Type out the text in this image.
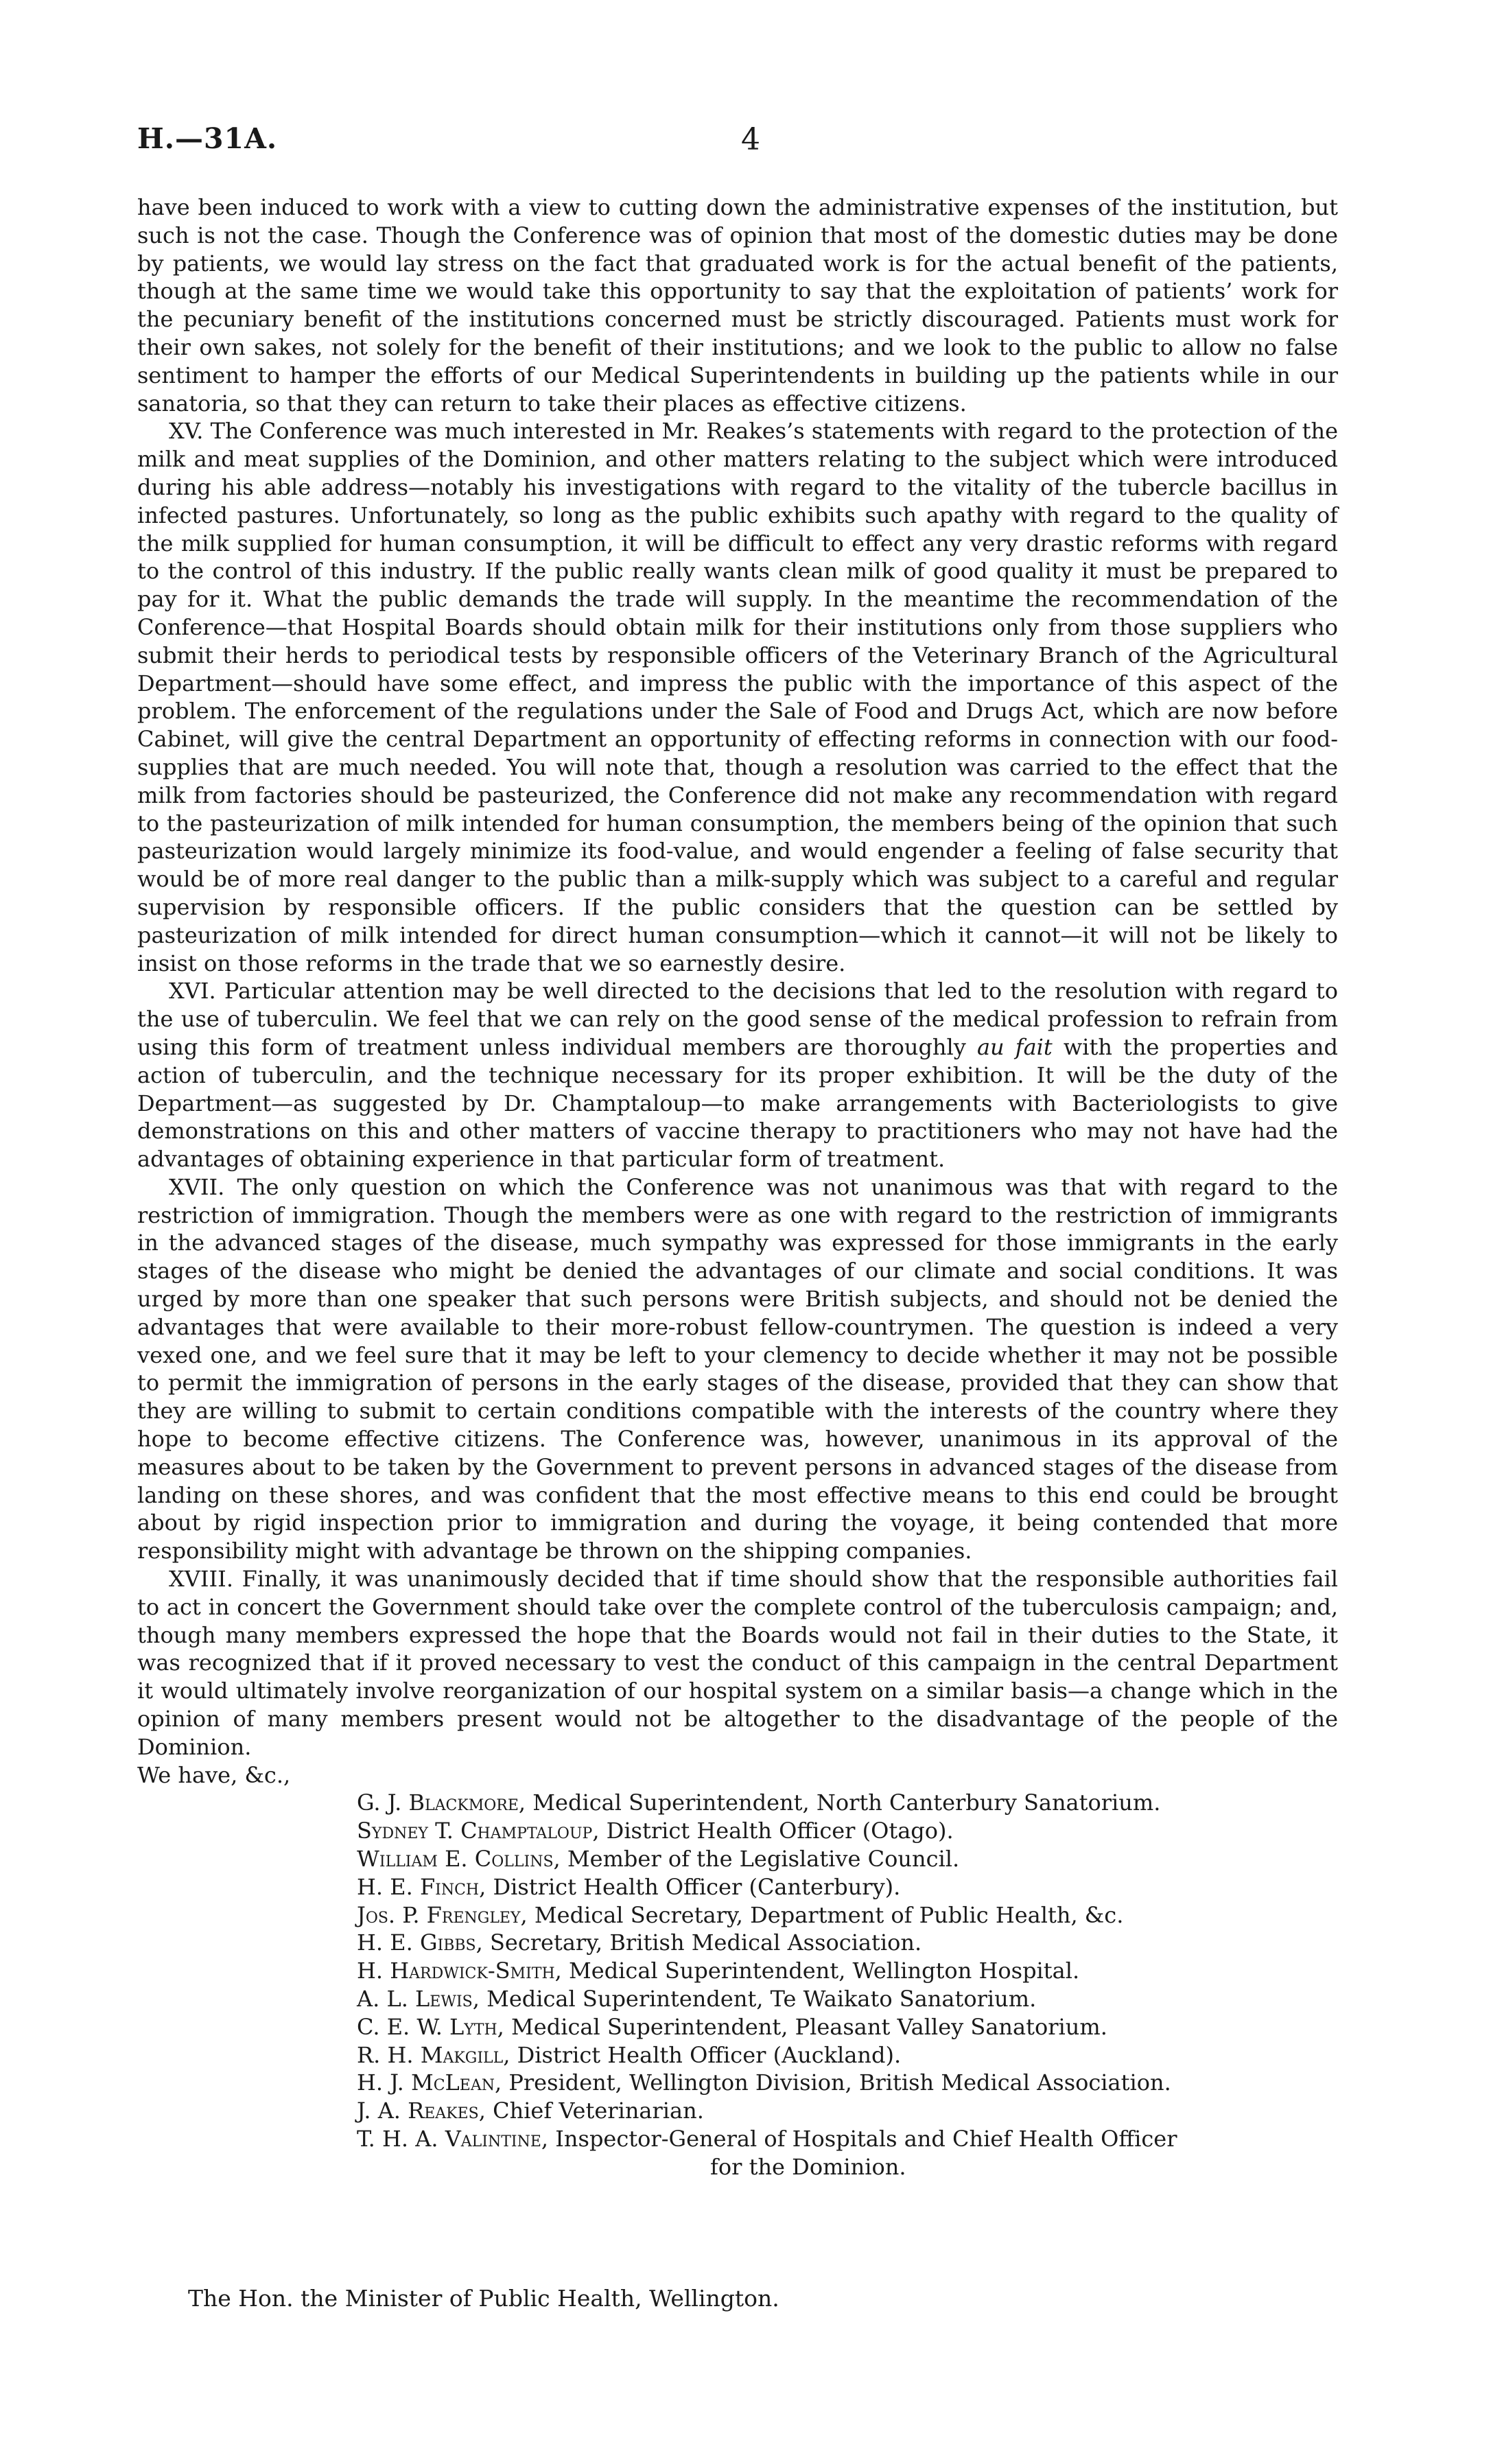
H.—31A.	4

have been induced to work with a view to cutting down the administrative expenses of the institution, but such is not the case. Though the Conference was of opinion that most of the domestic duties may be done by patients, we would lay stress on the fact that graduated work is for the actual benefit of the patients, though at the same time we would take this opportunity to say that the exploitation of patients’ work for the pecuniary benefit of the institutions concerned must be strictly discouraged. Patients must work for their own sakes, not solely for the benefit of their institutions; and we look to the public to allow no false sentiment to hamper the efforts of our Medical Superintendents in building up the patients while in our sanatoria, so that they can return to take their places as effective citizens.

XV. The Conference was much interested in Mr. Reakes’s statements with regard to the protection of the milk and meat supplies of the Dominion, and other matters relating to the subject which were introduced during his able address—notably his investigations with regard to the vitality of the tubercle bacillus in infected pastures. Unfortunately, so long as the public exhibits such apathy with regard to the quality of the milk supplied for human consumption, it will be difficult to effect any very drastic reforms with regard to the control of this industry. If the public really wants clean milk of good quality it must be prepared to pay for it. What the public demands the trade will supply. In the meantime the recommendation of the Conference—that Hospital Boards should obtain milk for their institutions only from those suppliers who submit their herds to periodical tests by responsible officers of the Veterinary Branch of the Agricultural Department—should have some effect, and impress the public with the importance of this aspect of the problem. The enforcement of the regulations under the Sale of Food and Drugs Act, which are now before Cabinet, will give the central Department an opportunity of effecting reforms in connection with our food-supplies that are much needed. You will note that, though a resolution was carried to the effect that the milk from factories should be pasteurized, the Conference did not make any recommendation with regard to the pasteurization of milk intended for human consumption, the members being of the opinion that such pasteurization would largely minimize its food-value, and would engender a feeling of false security that would be of more real danger to the public than a milk-supply which was subject to a careful and regular supervision by responsible officers. If the public considers that the question can be settled by pasteurization of milk intended for direct human consumption—which it cannot—it will not be likely to insist on those reforms in the trade that we so earnestly desire.

XVI. Particular attention may be well directed to the decisions that led to the resolution with regard to the use of tuberculin. We feel that we can rely on the good sense of the medical profession to refrain from using this form of treatment unless individual members are thoroughly au fait with the properties and action of tuberculin, and the technique necessary for its proper exhibition. It will be the duty of the Department—as suggested by Dr. Champtaloup—to make arrangements with Bacteriologists to give demonstrations on this and other matters of vaccine therapy to practitioners who may not have had the advantages of obtaining experience in that particular form of treatment.

XVII. The only question on which the Conference was not unanimous was that with regard to the restriction of immigration. Though the members were as one with regard to the restriction of immigrants in the advanced stages of the disease, much sympathy was expressed for those immigrants in the early stages of the disease who might be denied the advantages of our climate and social conditions. It was urged by more than one speaker that such persons were British subjects, and should not be denied the advantages that were available to their more-robust fellow-countrymen. The question is indeed a very vexed one, and we feel sure that it may be left to your clemency to decide whether it may not be possible to permit the immigration of persons in the early stages of the disease, provided that they can show that they are willing to submit to certain conditions compatible with the interests of the country where they hope to become effective citizens. The Conference was, however, unanimous in its approval of the measures about to be taken by the Government to prevent persons in advanced stages of the disease from landing on these shores, and was confident that the most effective means to this end could be brought about by rigid inspection prior to immigration and during the voyage, it being contended that more responsibility might with advantage be thrown on the shipping companies.

XVIII. Finally, it was unanimously decided that if time should show that the responsible authorities fail to act in concert the Government should take over the complete control of the tuberculosis campaign; and, though many members expressed the hope that the Boards would not fail in their duties to the State, it was recognized that if it proved necessary to vest the conduct of this campaign in the central Department it would ultimately involve reorganization of our hospital system on a similar basis—a change which in the opinion of many members present would not be altogether to the disadvantage of the people of the Dominion.

We have, &c.,

G. J. Blackmore, Medical Superintendent, North Canterbury Sanatorium.
Sydney T. Champtaloup, District Health Officer (Otago).
William E. Collins, Member of the Legislative Council.
H. E. Finch, District Health Officer (Canterbury).
Jos. P. Frengley, Medical Secretary, Department of Public Health, &c.
H. E. Gibbs, Secretary, British Medical Association.
H. Hardwick-Smith, Medical Superintendent, Wellington Hospital.
A. L. Lewis, Medical Superintendent, Te Waikato Sanatorium.
C. E. W. Lyth, Medical Superintendent, Pleasant Valley Sanatorium.
R. H. Makgill, District Health Officer (Auckland).
H. J. McLean, President, Wellington Division, British Medical Association.
J. A. Reakes, Chief Veterinarian.
T. H. A. Valintine, Inspector-General of Hospitals and Chief Health Officer
for the Dominion.
The Hon. the Minister of Public Health, Wellington.
